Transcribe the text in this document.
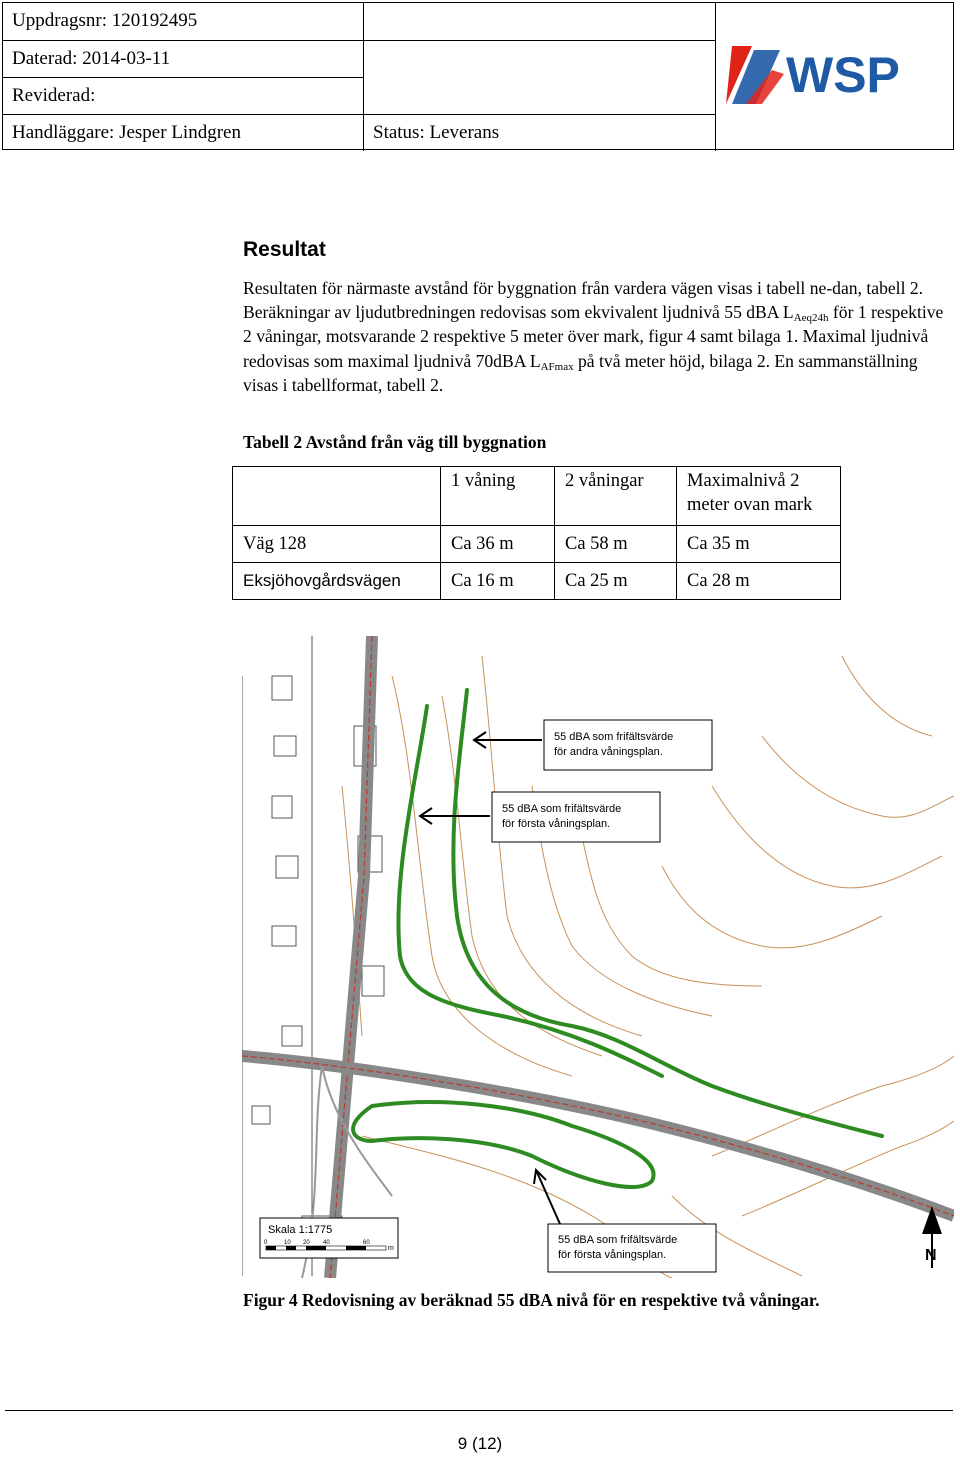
Uppdragsnr: 120192495
Daterad: 2014-03-11
Reviderad:
Handläggare: Jesper Lindgren	Status: Leverans
WSP
Resultat
Resultaten för närmaste avstånd för byggnation från vardera vägen visas i tabell ne-dan, tabell 2. Beräkningar av ljudutbredningen redovisas som ekvivalent ljudnivå 55 dBA $L_{Aeq24h}$ för 1 respektive 2 våningar, motsvarande 2 respektive 5 meter över mark, figur 4 samt bilaga 1. Maximal ljudnivå redovisas som maximal ljudnivå 70dBA $L_{AFmax}$ på två meter höjd, bilaga 2. En sammanställning visas i tabellformat, tabell 2.
Tabell 2 Avstånd från väg till byggnation
	1 våning	2 våningar	Maximalnivå 2 meter ovan mark
Väg 128	Ca 36 m	Ca 58 m	Ca 35 m
Eksjöhovgårdsvägen	Ca 16 m	Ca 25 m	Ca 28 m
55 dBA som frifältsvärde
för andra våningsplan.
55 dBA som frifältsvärde
för första våningsplan.
55 dBA som frifältsvärde
för första våningsplan.
Skala 1:1775
0	10 20 40	60
m	N
Figur 4 Redovisning av beräknad 55 dBA nivå för en respektive två våningar.
9 (12)
